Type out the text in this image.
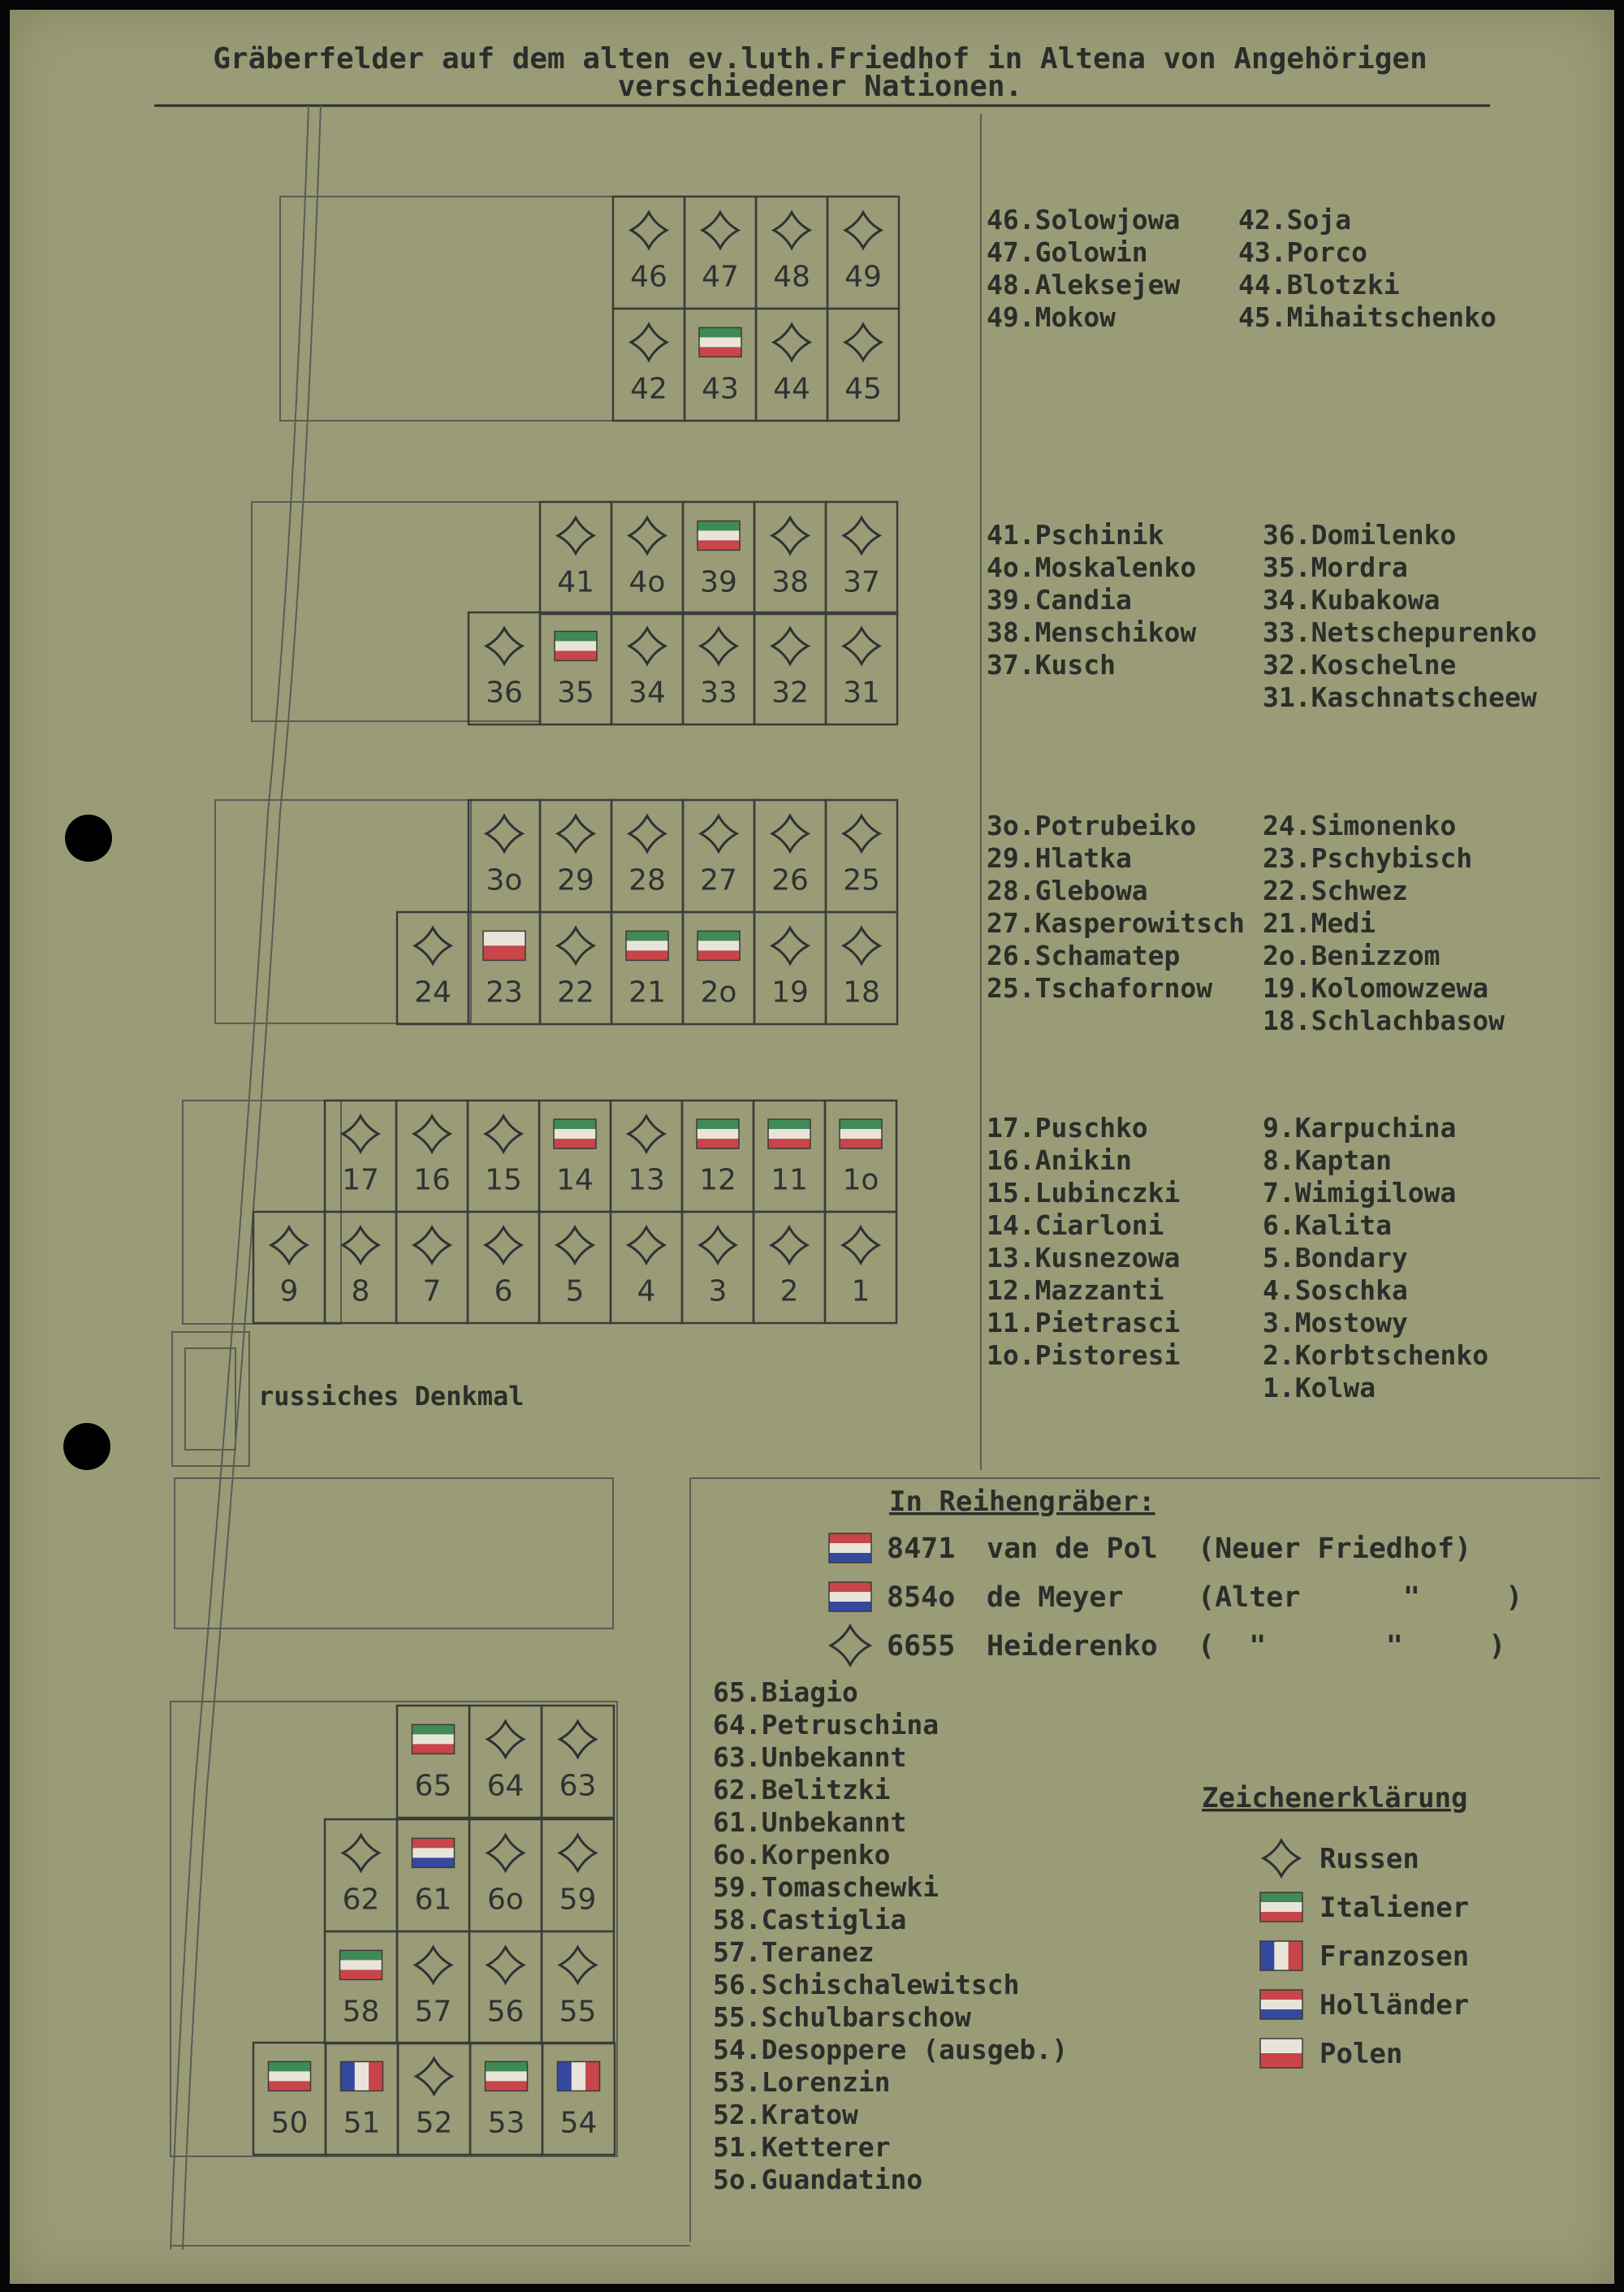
Gräberfelder auf dem alten ev.luth.Friedhof in Altena von Angehörigen
verschiedener Nationen.
russiches Denkmal
46 47 48 49
42 43 44 45
41 4o 39 38 37
36 35 34 33 32 31
3o 29 28 27 26 25
24 23 22 21 2o 19 18
17 16 15 14 13 12 11 1o
9 8 7 6 5 4 3 2 1
65 64 63
62 61 6o 59
58 57 56 55
50 51 52 53 54
46.Solowjowa
47.Golowin
48.Aleksejew
49.Mokow
42.Soja
43.Porco
44.Blotzki
45.Mihaitschenko
41.Pschinik
4o.Moskalenko
39.Candia
38.Menschikow
37.Kusch
36.Domilenko
35.Mordra
34.Kubakowa
33.Netschepurenko
32.Koschelne
31.Kaschnatscheew
3o.Potrubeiko
29.Hlatka
28.Glebowa
27.Kasperowitsch
26.Schamatep
25.Tschafornow
24.Simonenko
23.Pschybisch
22.Schwez
21.Medi
2o.Benizzom
19.Kolomowzewa
18.Schlachbasow
17.Puschko
16.Anikin
15.Lubinczki
14.Ciarloni
13.Kusnezowa
12.Mazzanti
11.Pietrasci
1o.Pistoresi
9.Karpuchina
8.Kaptan
7.Wimigilowa
6.Kalita
5.Bondary
4.Soschka
3.Mostowy
2.Korbtschenko
1.Kolwa
65.Biagio
64.Petruschina
63.Unbekannt
62.Belitzki
61.Unbekannt
6o.Korpenko
59.Tomaschewki
58.Castiglia
57.Teranez
56.Schischalewitsch
55.Schulbarschow
54.Desoppere (ausgeb.)
53.Lorenzin
52.Kratow
51.Ketterer
5o.Guandatino
In Reihengräber:
8471 van de Pol (Neuer Friedhof)
854o de Meyer	(Alter      "     )
6655 Heiderenko (  "       "     )
Zeichenerklärung
Russen
Italiener
Franzosen
Holländer
Polen
